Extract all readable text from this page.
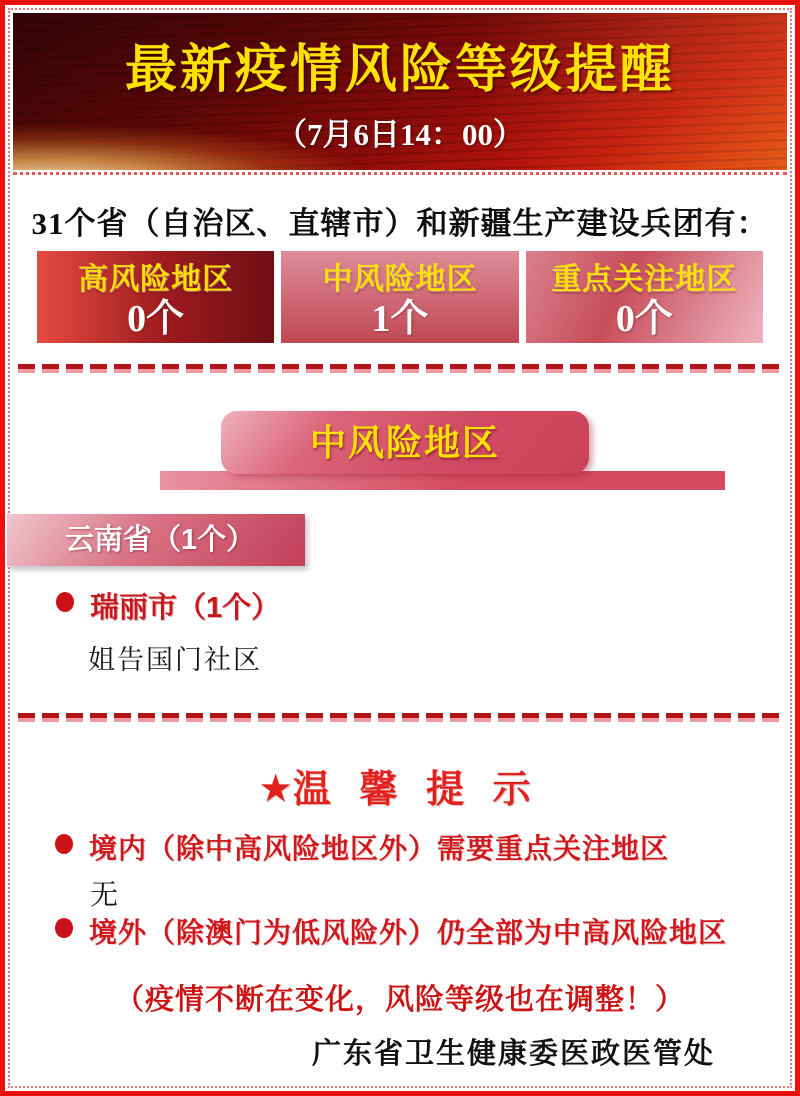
最新疫情风险等级提醒
（7月6日14：00）
31个省（自治区、直辖市）和新疆生产建设兵团有：
高风险地区
0个
中风险地区
1个
重点关注地区
0个
中风险地区
云南省（1个）
瑞丽市（1个）
姐告国门社区
★温 馨 提 示
境内（除中高风险地区外）需要重点关注地区
无
境外（除澳门为低风险外）仍全部为中高风险地区
（疫情不断在变化，风险等级也在调整！）
广东省卫生健康委医政医管处
